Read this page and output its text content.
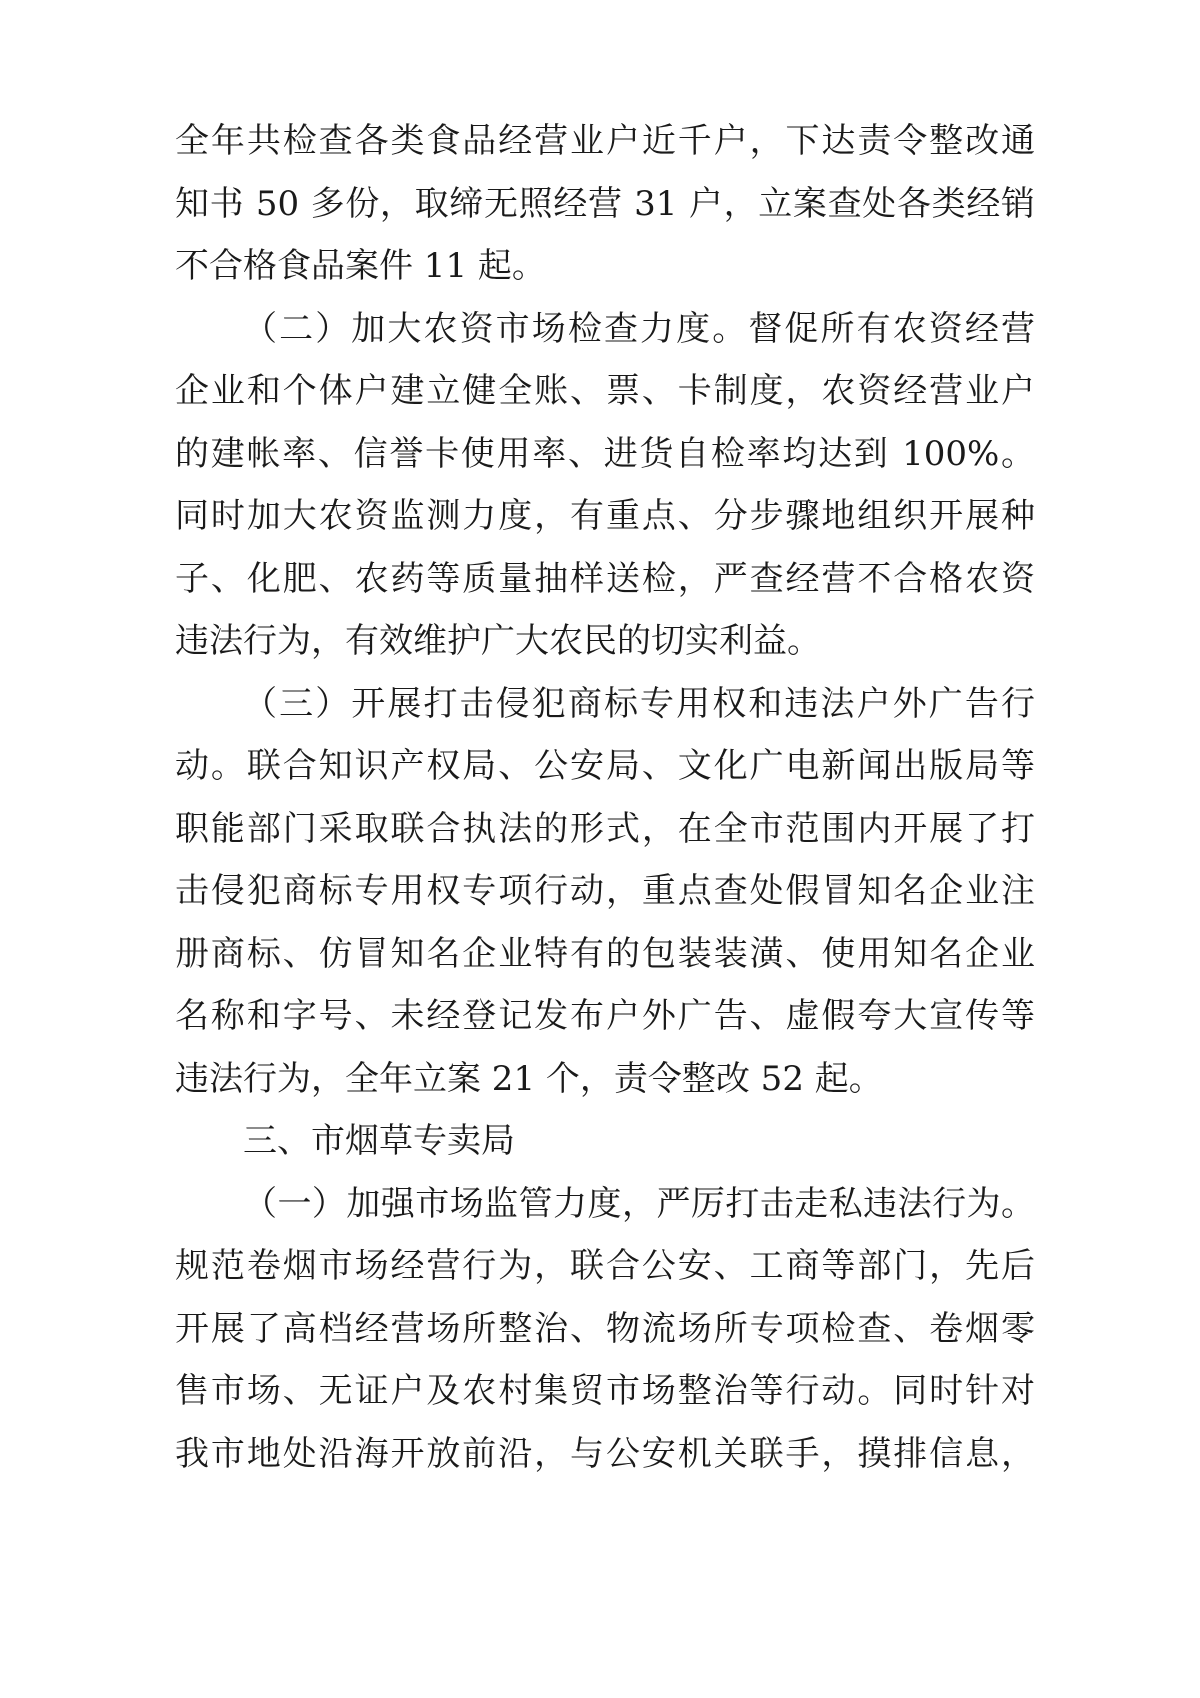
全年共检查各类食品经营业户近千户，下达责令整改通
知书 50 多份，取缔无照经营 31 户，立案查处各类经销
不合格食品案件 11 起。
（二）加大农资市场检查力度。督促所有农资经营
企业和个体户建立健全账、票、卡制度，农资经营业户
的建帐率、信誉卡使用率、进货自检率均达到 100%。
同时加大农资监测力度，有重点、分步骤地组织开展种
子、化肥、农药等质量抽样送检，严查经营不合格农资
违法行为，有效维护广大农民的切实利益。
（三）开展打击侵犯商标专用权和违法户外广告行
动。联合知识产权局、公安局、文化广电新闻出版局等
职能部门采取联合执法的形式，在全市范围内开展了打
击侵犯商标专用权专项行动，重点查处假冒知名企业注
册商标、仿冒知名企业特有的包装装潢、使用知名企业
名称和字号、未经登记发布户外广告、虚假夸大宣传等
违法行为，全年立案 21 个，责令整改 52 起。
三、市烟草专卖局
（一）加强市场监管力度，严厉打击走私违法行为。
规范卷烟市场经营行为，联合公安、工商等部门，先后
开展了高档经营场所整治、物流场所专项检查、卷烟零
售市场、无证户及农村集贸市场整治等行动。同时针对
我市地处沿海开放前沿，与公安机关联手，摸排信息，
